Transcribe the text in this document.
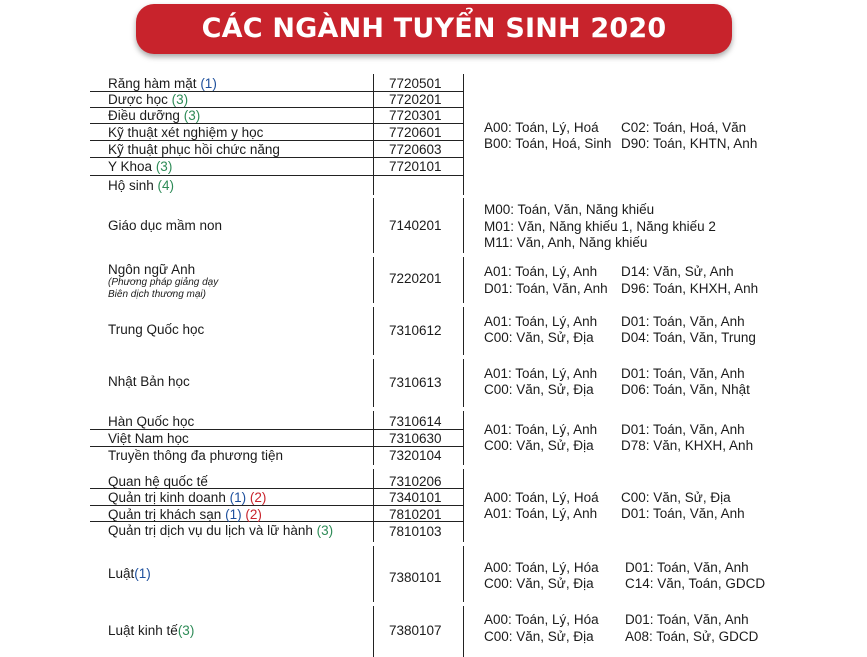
CÁC NGÀNH TUYỂN SINH 2020
Răng hàm mặt (1)	7720501
Dược học (3)	7720201
Điều dưỡng (3)	7720301
Kỹ thuật xét nghiệm y học	7720601
Kỹ thuật phục hồi chức năng	7720603
Y Khoa (3)	7720101
Hộ sinh (4)
A00: Toán, Lý, Hoá C02: Toán, Hoá, Văn
B00: Toán, Hoá, Sinh D90: Toán, KHTN, Anh
Giáo dục mầm non	7140201
M00: Toán, Văn, Năng khiếu
M01: Văn, Năng khiếu 1, Năng khiếu 2
M11: Văn, Anh, Năng khiếu
Ngôn ngữ Anh
(Phương pháp giảng dạy
Biên dịch thương mại)
7220201	A01: Toán, Lý, Anh D14: Văn, Sử, Anh
D01: Toán, Văn, Anh D96: Toán, KHXH, Anh
Trung Quốc học	7310612
A01: Toán, Lý, Anh D01: Toán, Văn, Anh
C00: Văn, Sử, Địa D04: Toán, Văn, Trung
Nhật Bản học	7310613
A01: Toán, Lý, Anh D01: Toán, Văn, Anh
C00: Văn, Sử, Địa D06: Toán, Văn, Nhật
Hàn Quốc học	7310614
Việt Nam học	7310630
Truyền thông đa phương tiện	7320104
A01: Toán, Lý, Anh D01: Toán, Văn, Anh
C00: Văn, Sử, Địa D78: Văn, KHXH, Anh
Quan hệ quốc tế	7310206
Quản trị kinh doanh (1) (2)	7340101
Quản trị khách sạn (1) (2)	7810201
Quản trị dịch vụ du lịch và lữ hành (3)	7810103
A00: Toán, Lý, Hoá C00: Văn, Sử, Địa
A01: Toán, Lý, Anh D01: Toán, Văn, Anh
Luật(1)	7380101
A00: Toán, Lý, Hóa D01: Toán, Văn, Anh
C00: Văn, Sử, Địa C14: Văn, Toán, GDCD
Luật kinh tế(3)	7380107
A00: Toán, Lý, Hóa D01: Toán, Văn, Anh
C00: Văn, Sử, Địa A08: Toán, Sử, GDCD
